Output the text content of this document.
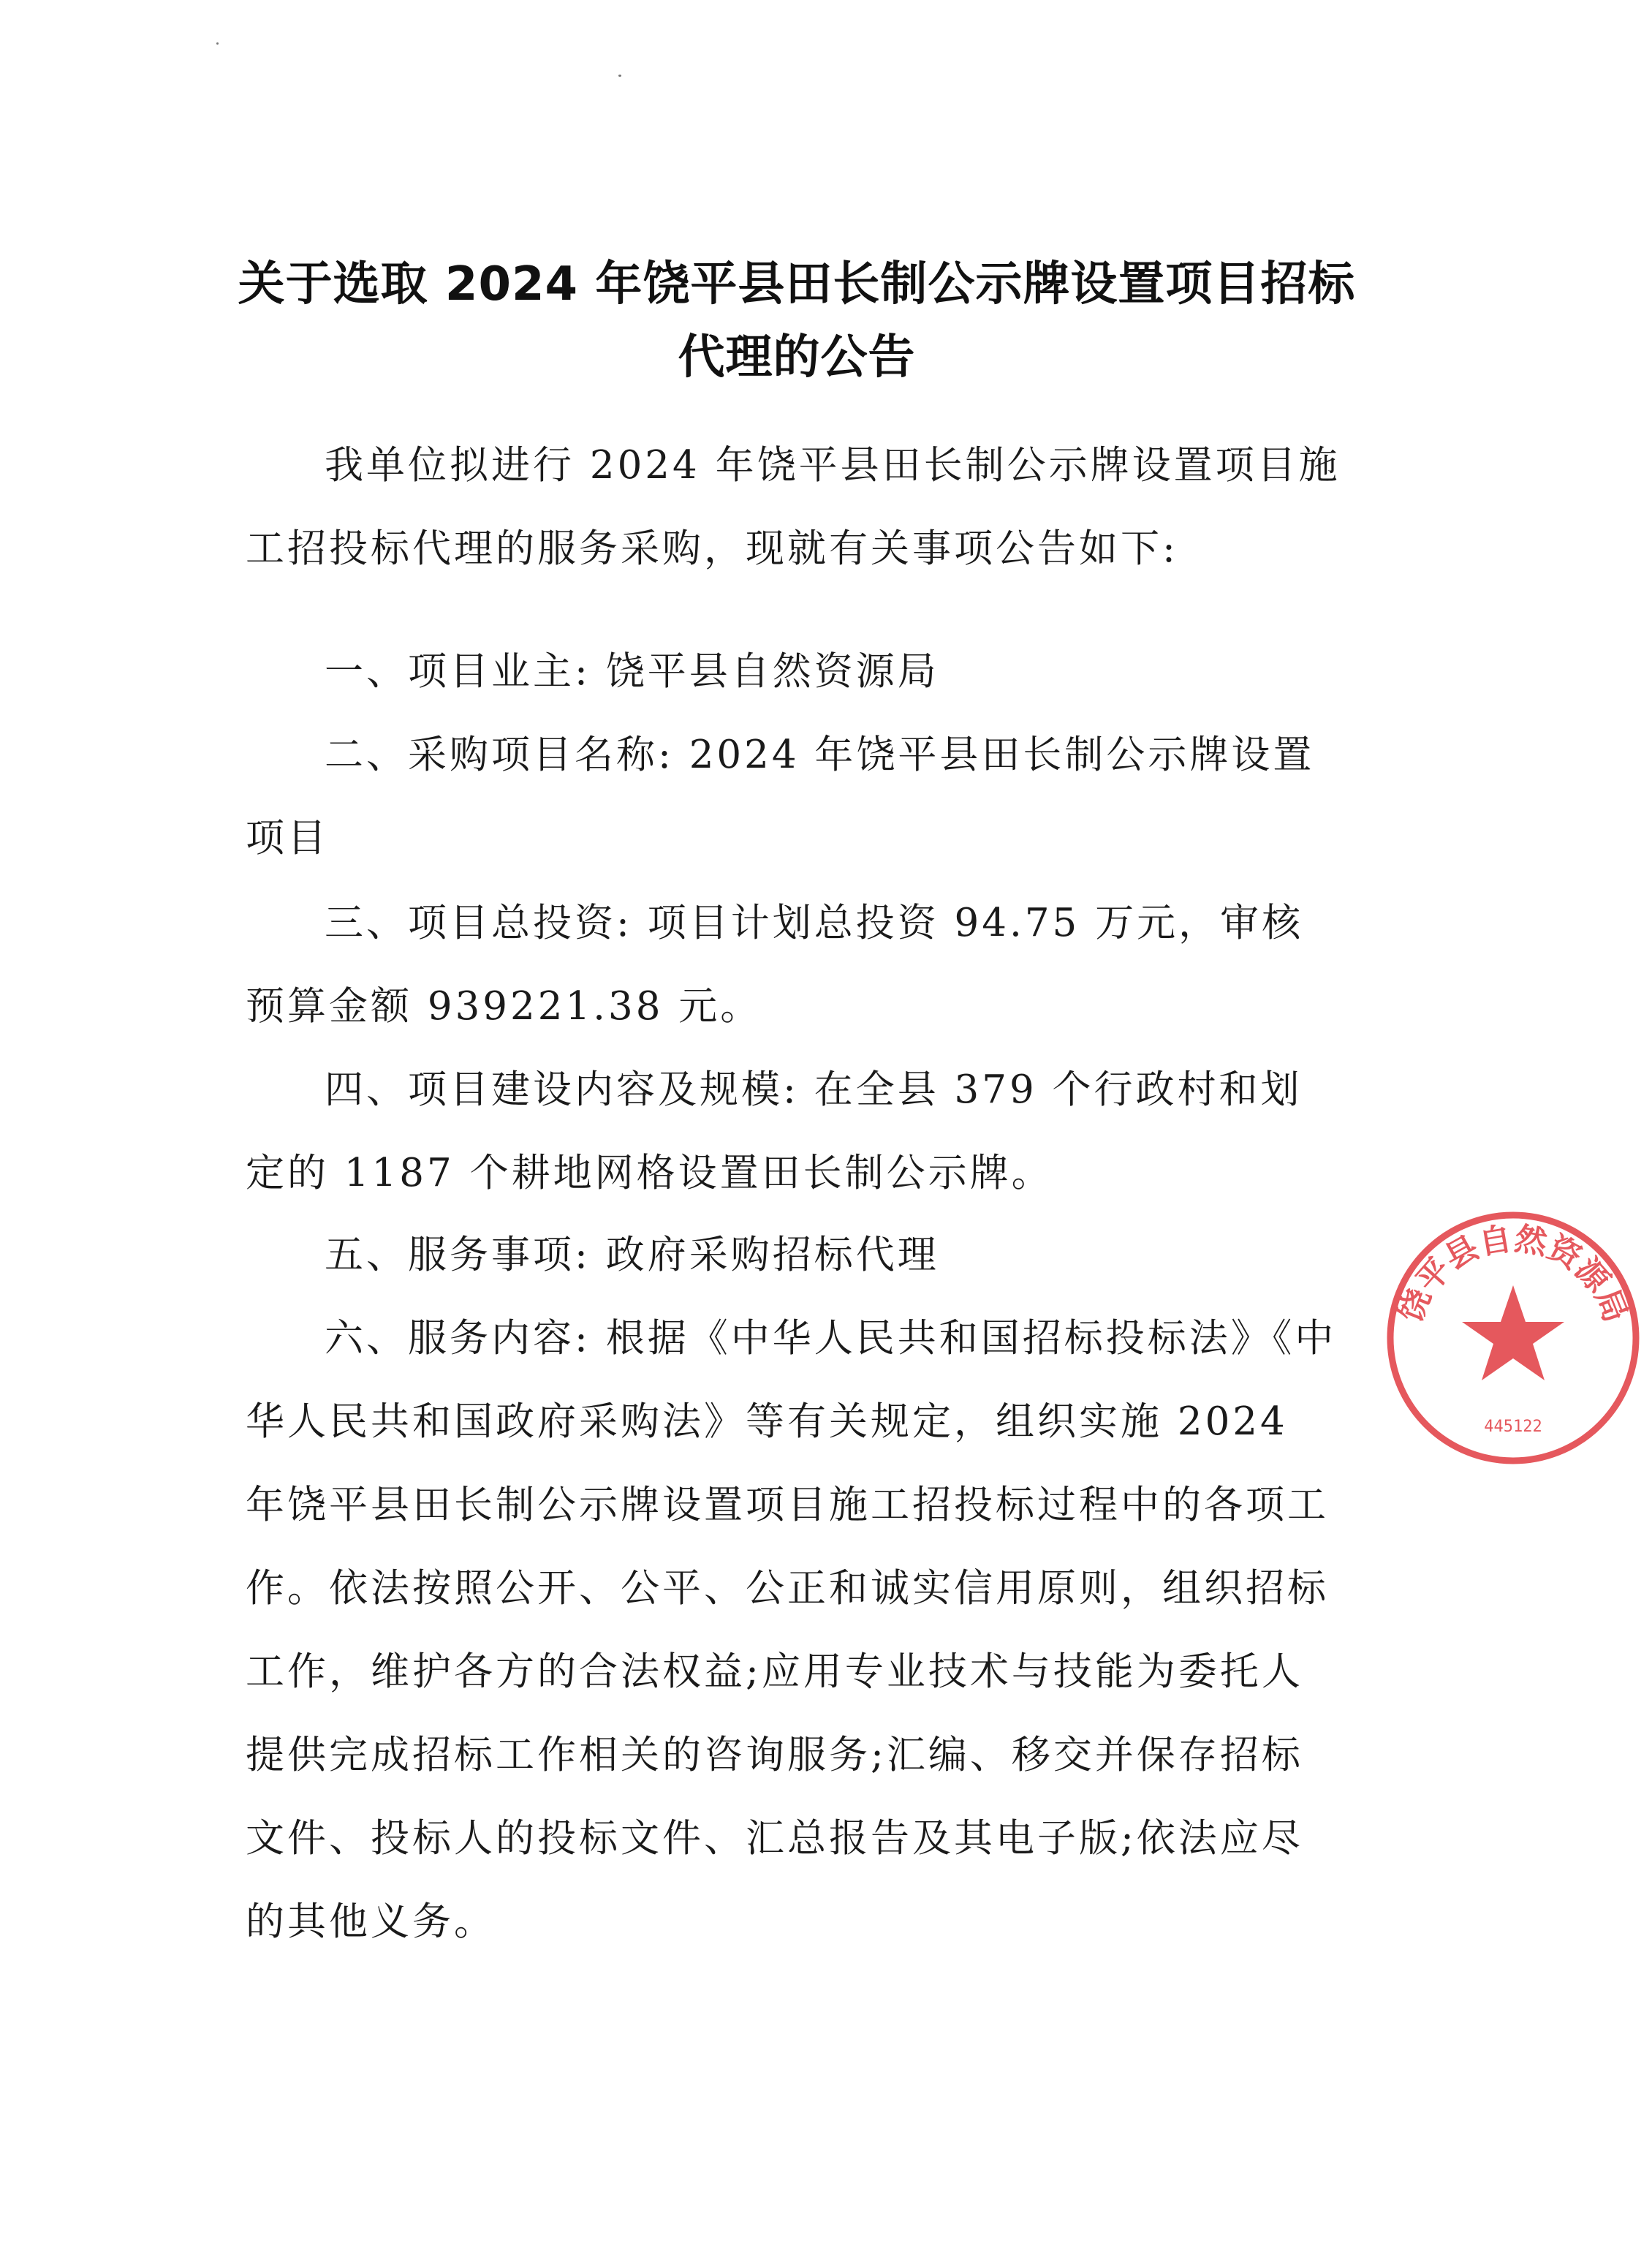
关于选取 2024 年饶平县田长制公示牌设置项目招标
代理的公告

我单位拟进行 2024 年饶平县田长制公示牌设置项目施工招投标代理的服务采购，现就有关事项公告如下:

一、项目业主: 饶平县自然资源局

二、采购项目名称: 2024 年饶平县田长制公示牌设置项目

三、项目总投资: 项目计划总投资 94.75 万元，审核预算金额 939221.38 元。

四、项目建设内容及规模: 在全县 379 个行政村和划定的 1187 个耕地网格设置田长制公示牌。

五、服务事项: 政府采购招标代理

六、服务内容: 根据《中华人民共和国招标投标法》《中华人民共和国政府采购法》等有关规定，组织实施 2024 年饶平县田长制公示牌设置项目施工招投标过程中的各项工作。依法按照公开、公平、公正和诚实信用原则，组织招标工作，维护各方的合法权益;应用专业技术与技能为委托人提供完成招标工作相关的咨询服务;汇编、移交并保存招标文件、投标人的投标文件、汇总报告及其电子版;依法应尽的其他义务。

饶平县自然资源局
445122
